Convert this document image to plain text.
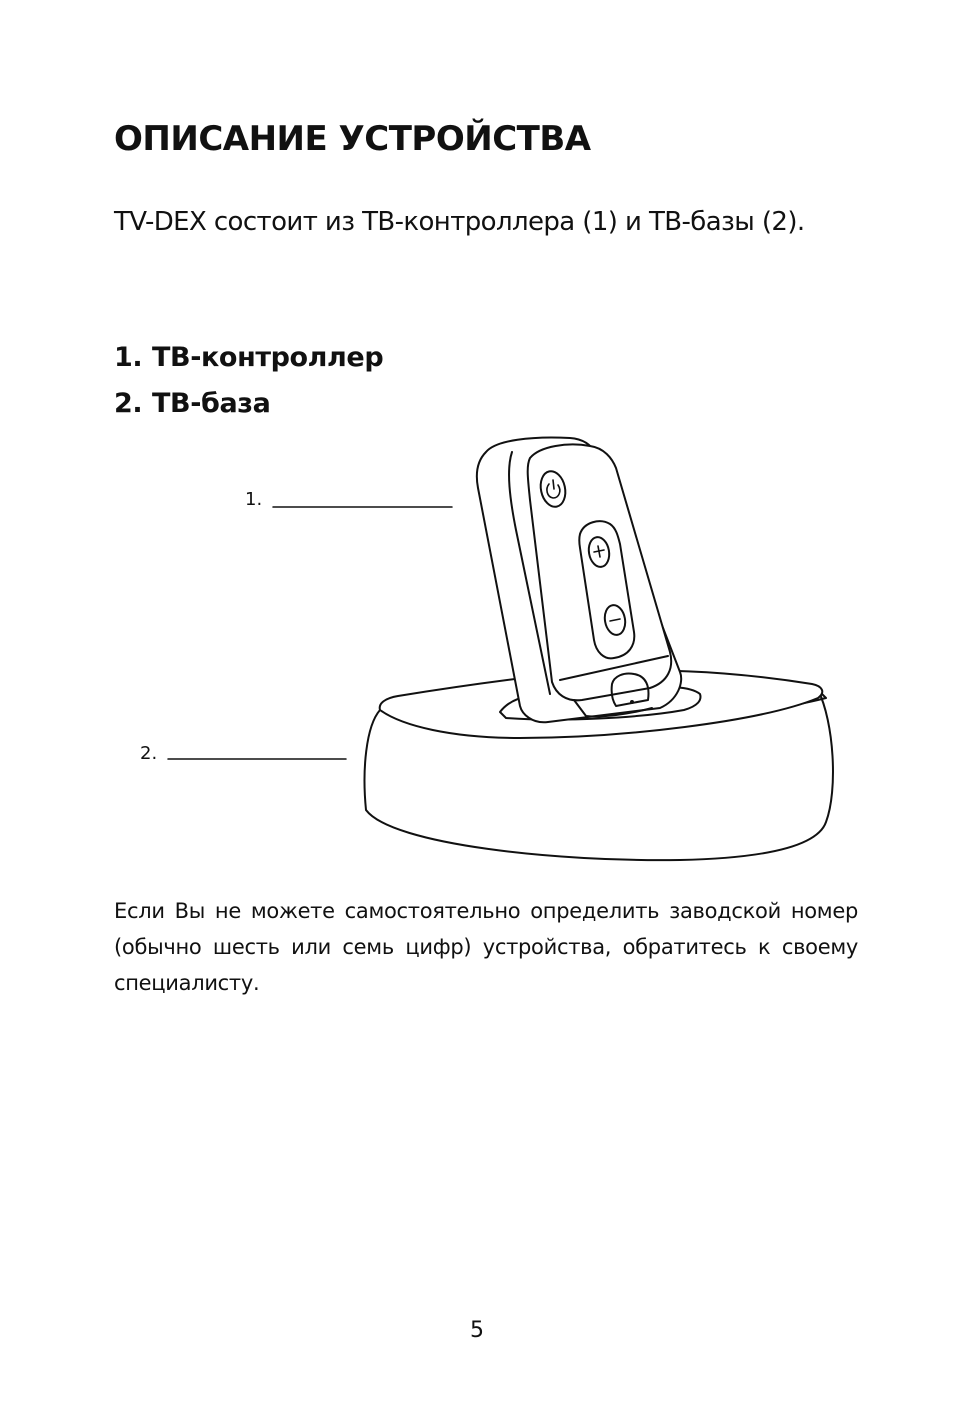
ОПИСАНИЕ УСТРОЙСТВА

TV-DEX состоит из ТВ-контроллера (1) и ТВ-базы (2).

1. ТВ-контроллер
2. ТВ-база
1.
2.

Если Вы не можете самостоятельно определить заводской номер (обычно шесть или семь цифр) устройства, обратитесь к своему специалисту.

5
